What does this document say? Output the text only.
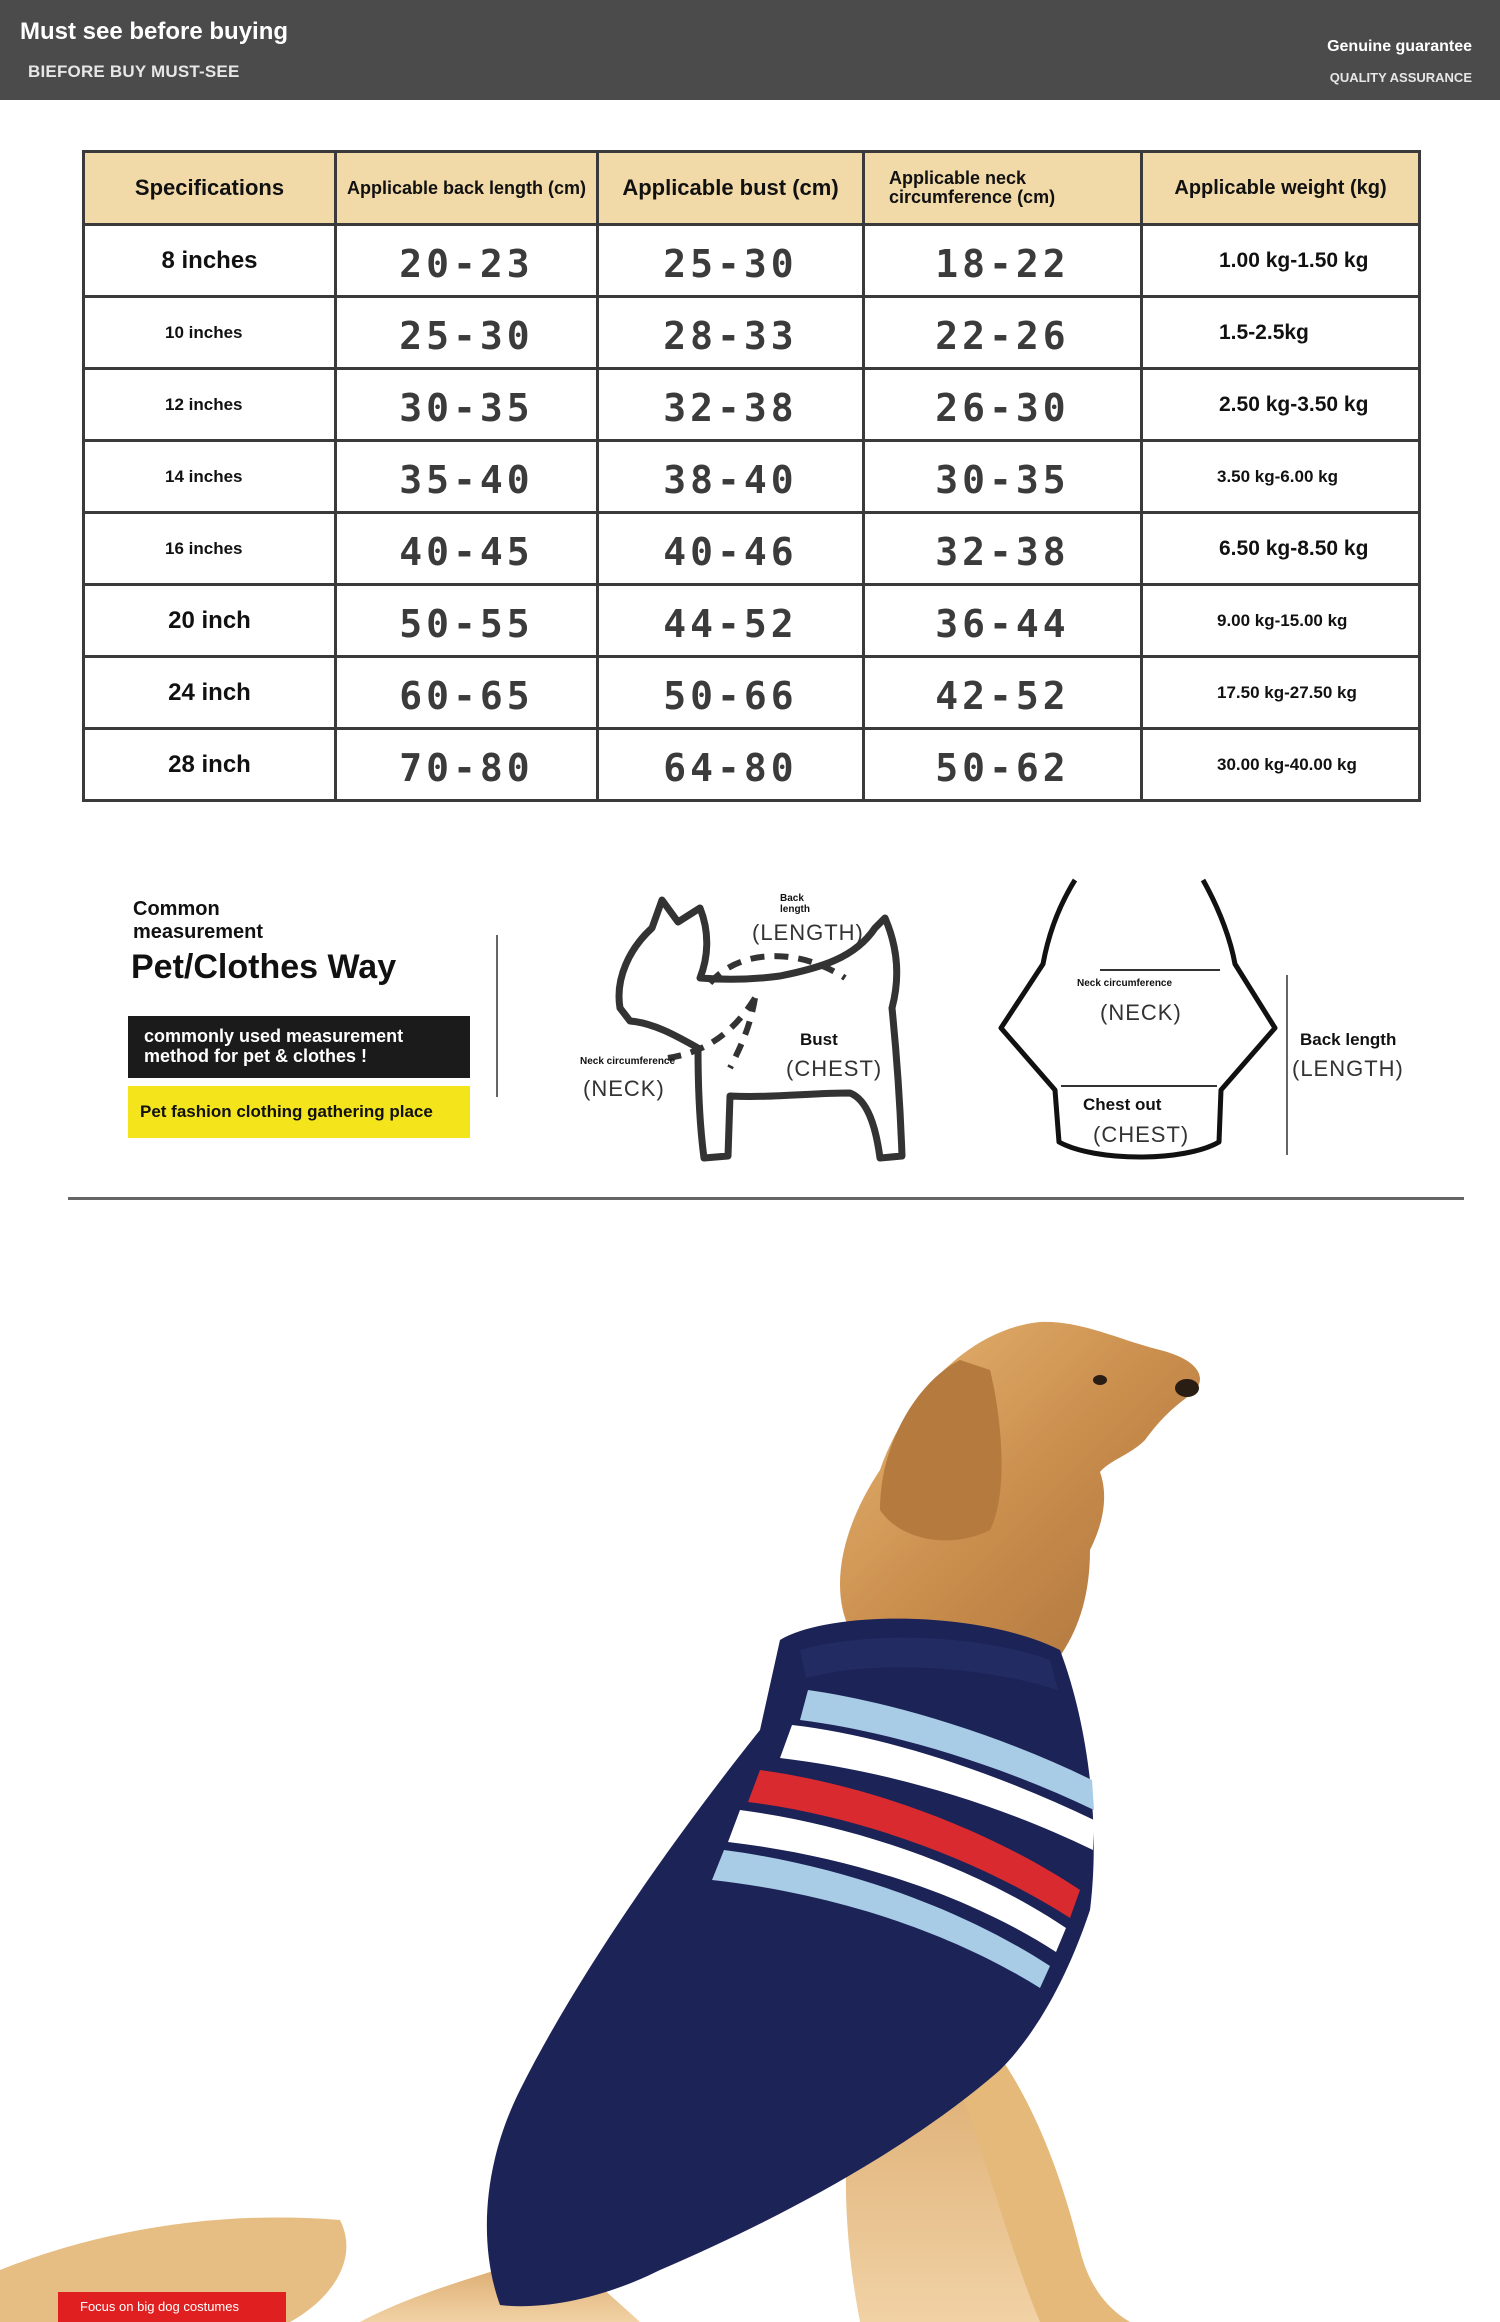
Must see before buying
BIEFORE BUY MUST-SEE
Genuine guarantee
QUALITY ASSURANCE
Specifications	Applicable back length (cm)	Applicable bust (cm)	Applicable neck circumference (cm)	Applicable weight (kg)
8 inches	20-23	25-30	18-22	1.00 kg-1.50 kg
10 inches	25-30	28-33	22-26	1.5-2.5kg
12 inches	30-35	32-38	26-30	2.50 kg-3.50 kg
14 inches	35-40	38-40	30-35	3.50 kg-6.00 kg
16 inches	40-45	40-46	32-38	6.50 kg-8.50 kg
20 inch	50-55	44-52	36-44	9.00 kg-15.00 kg
24 inch	60-65	50-66	42-52	17.50 kg-27.50 kg
28 inch	70-80	64-80	50-62	30.00 kg-40.00 kg
Common measurement
Pet/Clothes Way
commonly used measurement method for pet & clothes !
Pet fashion clothing gathering place
Back length
(LENGTH)
Bust
(CHEST)
Neck circumference
(NECK)
Neck circumference
(NECK)
Chest out
(CHEST)
Back length
(LENGTH)
Focus on big dog costumes
